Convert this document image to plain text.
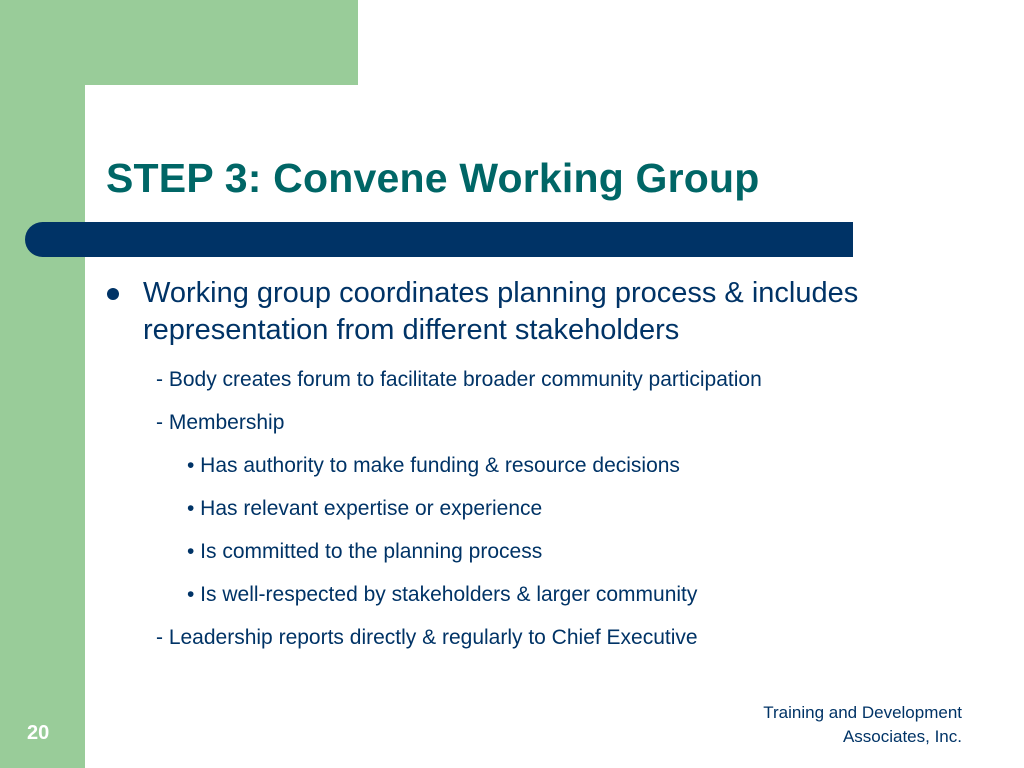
STEP 3: Convene Working Group
Working group coordinates planning process & includes representation from different stakeholders
- Body creates forum to facilitate broader community participation
- Membership
• Has authority to make funding & resource decisions
• Has relevant expertise or experience
• Is committed to the planning process
• Is well-respected by stakeholders & larger community
- Leadership reports directly & regularly to Chief Executive
20
Training and Development
Associates, Inc.
